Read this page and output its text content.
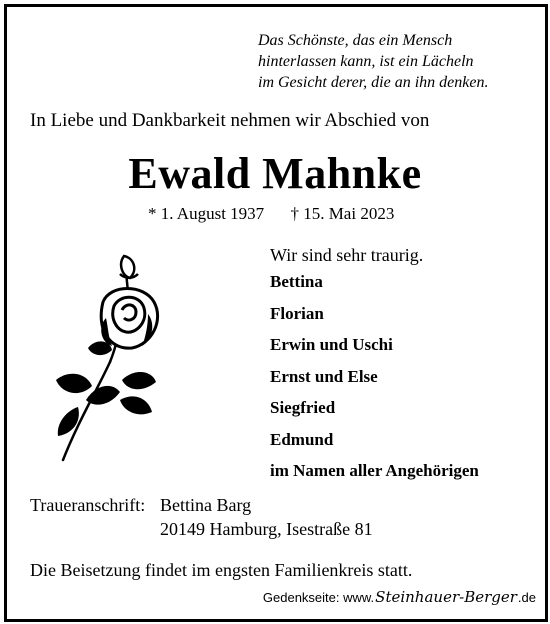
Das Schönste, das ein Mensch
hinterlassen kann, ist ein Lächeln
im Gesicht derer, die an ihn denken.
In Liebe und Dankbarkeit nehmen wir Abschied von
Ewald Mahnke
* 1. August 1937 † 15. Mai 2023
Wir sind sehr traurig.
Bettina
Florian
Erwin und Uschi
Ernst und Else
Siegfried
Edmund
im Namen aller Angehörigen
Traueranschrift: Bettina Barg
20149 Hamburg, Isestraße 81
Die Beisetzung findet im engsten Familienkreis statt.
Gedenkseite: www. Steinhauer-Berger .de
